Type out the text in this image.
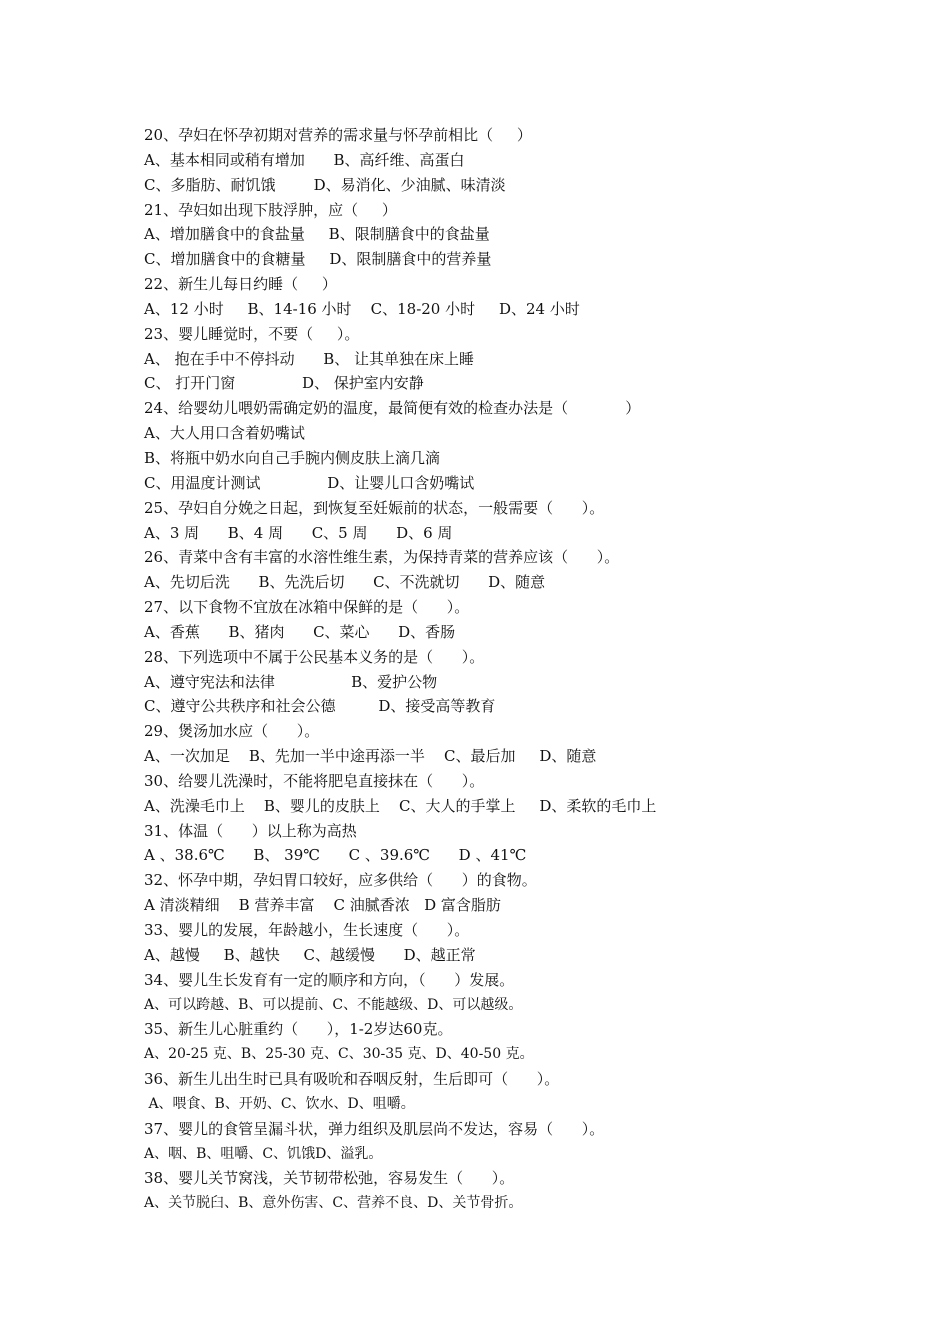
20、孕妇在怀孕初期对营养的需求量与怀孕前相比（     ）
A、基本相同或稍有增加      B、高纤维、高蛋白
C、多脂肪、耐饥饿        D、易消化、少油腻、味清淡
21、孕妇如出现下肢浮肿，应（     ）
A、增加膳食中的食盐量     B、限制膳食中的食盐量
C、增加膳食中的食糖量     D、限制膳食中的营养量
22、新生儿每日约睡（     ）
A、12 小时     B、14-16 小时    C、18-20 小时     D、24 小时
23、婴儿睡觉时，不要（     ）。
A、 抱在手中不停抖动      B、 让其单独在床上睡
C、 打开门窗              D、 保护室内安静
24、给婴幼儿喂奶需确定奶的温度，最简便有效的检查办法是（            ）
A、大人用口含着奶嘴试
B、将瓶中奶水向自己手腕内侧皮肤上滴几滴
C、用温度计测试              D、让婴儿口含奶嘴试
25、孕妇自分娩之日起，到恢复至妊娠前的状态，一般需要（      ）。
A、3 周      B、4 周      C、5 周      D、6 周
26、青菜中含有丰富的水溶性维生素，为保持青菜的营养应该（      ）。
A、先切后洗      B、先洗后切      C、不洗就切      D、随意
27、以下食物不宜放在冰箱中保鲜的是（      ）。
A、香蕉      B、猪肉      C、菜心      D、香肠
28、下列选项中不属于公民基本义务的是（      ）。
A、遵守宪法和法律                B、爱护公物
C、遵守公共秩序和社会公德         D、接受高等教育
29、煲汤加水应（      ）。
A、一次加足    B、先加一半中途再添一半    C、最后加     D、随意
30、给婴儿洗澡时，不能将肥皂直接抹在（      ）。
A、洗澡毛巾上    B、婴儿的皮肤上    C、大人的手掌上     D、柔软的毛巾上
31、体温（      ）以上称为高热
A 、38.6℃      B、 39℃      C 、39.6℃      D 、41℃
32、怀孕中期，孕妇胃口较好，应多供给（      ）的食物。
A 清淡精细    B 营养丰富    C 油腻香浓   D 富含脂肪
33、婴儿的发展，年龄越小，生长速度（      ）。
A、越慢     B、越快     C、越缓慢      D、越正常
34、婴儿生长发育有一定的顺序和方向，（      ）发展。
A、可以跨越、B、可以提前、C、不能越级、D、可以越级。
35、新生儿心脏重约（      ），1-2岁达60克。
A、20-25 克、B、25-30 克、C、30-35 克、D、40-50 克。
36、新生儿出生时已具有吸吮和吞咽反射，生后即可（      ）。
A、喂食、B、开奶、C、饮水、D、咀嚼。
37、婴儿的食管呈漏斗状，弹力组织及肌层尚不发达，容易（      ）。
A、咽、B、咀嚼、C、饥饿D、溢乳。
38、婴儿关节窝浅，关节韧带松弛，容易发生（      ）。
A、关节脱臼、B、意外伤害、C、营养不良、D、关节骨折。
